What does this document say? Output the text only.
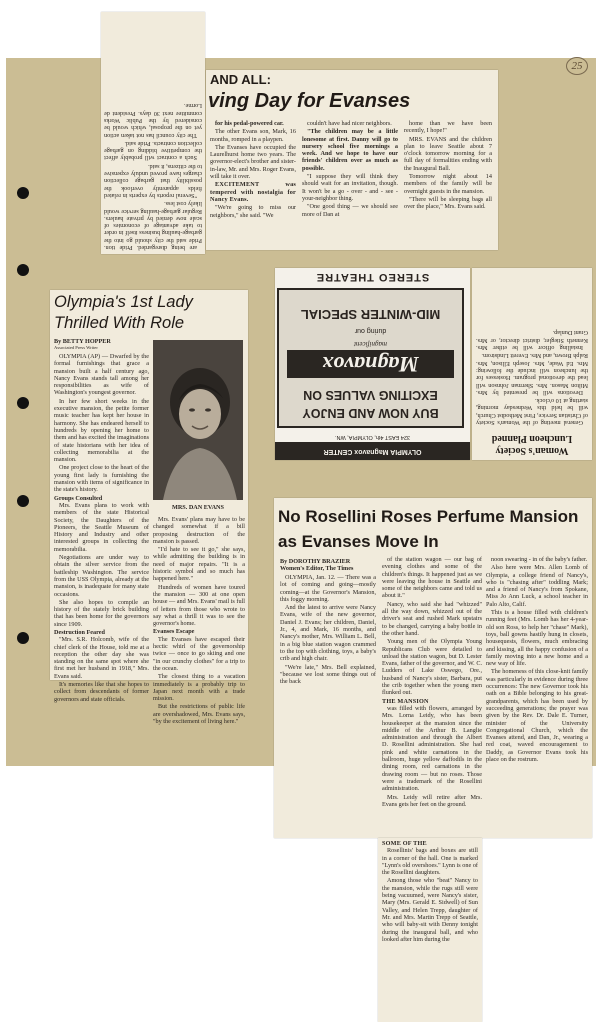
25

are being disregarded. Pride tion. Pride said the city should go into the garbage-hauling business itself in order to take advantage of economies of scale now denied by private haulers. Regular garbage-hauling service would likely cost less.

"Several reports by experts in related fields apparently overlook the possibility that garbage collection charges have proved unduly expensive to the citizens, it said.

Such a contract will probably affect the competitive bidding on garbage collection contracts. Pride said.

The city council has not taken action yet on the proposal, which would be considered by the Public Works committee next 30 days. President de Lorme.

AND ALL:
ving Day for Evanses

for his pedal-powered car.

The other Evans son, Mark, 16 months, romped in a playpen.

The Evanses have occupied the Laurelhurst home two years. The governor-elect's brother and sister-in-law, Mr. and Mrs. Roger Evans, will take it over.

EXCITEMENT was tempered with nostalgia for Nancy Evans.

"We're going to miss our neighbors," she said. "We

couldn't have had nicer neighbors.

"The children may be a little lonesome at first. Danny will go to nursery school five mornings a week. And we hope to have our friends' children over as much as possible.

"I suppose they will think they should wait for an invitation, though. It won't be a go - over - and - see - your-neighbor thing.

"One good thing — we should see more of Dan at

home than we have been recently, I hope!"

MRS. EVANS and the children plan to leave Seattle about 7 o'clock tomorrow morning for a full day of formalities ending with the Inaugural Ball.

Tomorrow night about 14 members of the family will be overnight guests in the mansion.

"There will be sleeping bags all over the place," Mrs. Evans said.

Olympia's 1st Lady Thrilled With Role
By BETTY HOPPER
Associated Press Writer

OLYMPIA (AP) — Dwarfed by the formal furnishings that grace a mansion built a half century ago, Nancy Evans stands tall among her responsibilities as wife of Washington's youngest governor.

In her few short weeks in the executive mansion, the petite former music teacher has kept her house in harmony. She has endeared herself to hundreds by opening her home to them and has excited the imaginations of state historians with her idea of collecting memorabilia at the mansion.

One project close to the heart of the young first lady is furnishing the mansion with items of significance in the state's history.

Groups Consulted

Mrs. Evans plans to work with members of the state Historical Society, the Daughters of the Pioneers, the Seattle Museum of History and Industry and other interested groups in collecting the memorabilia.

Negotiations are under way to obtain the silver service from the battleship Washington. The service from the USS Olympia, already at the mansion, is inadequate for many state occasions.

She also hopes to compile an history of the stately brick building that has been home for the governors since 1909.

Destruction Feared

"Mrs. S.R. Holcomb, wife of the chief clerk of the House, told me at a reception the other day she was standing on the same spot where she first met her husband in 1918," Mrs. Evans said.

It's memories like that she hopes to collect from descendants of former governors and state officials.

MRS. DAN EVANS

Mrs. Evans' plans may have to be changed somewhat if a bill proposing destruction of the mansion is passed.

"I'd hate to see it go," she says, while admitting the building is in need of major repairs. "It is a historic symbol and so much has happened here."

Hundreds of women have toured the mansion — 300 at one open house — and Mrs. Evans' mail is full of letters from those who wrote to say what a thrill it was to see the governor's home.

Evanses Escape

The Evanses have escaped their hectic whirl of the governorship twice — once to go skiing and one "in our crunchy clothes" for a trip to the ocean.

The closest thing to a vacation immediately is a probably trip to Japan next month with a trade mission.

But the restrictions of public life are overshadowed, Mrs. Evans says, "by the excitement of living here."

OLYMPIA Magnavox CENTER
324 EAST 4th, OLYMPIA, WN.
BUY NOW AND ENJOY
EXCITING VALUES ON
Magnavox
magnificent
during our
MID-WINTER SPECIAL
STEREO THEATRE
Woman's Society Luncheon Planned

General meeting of the Woman's Society of Christian Service, First Methodist Church, will be held this Wednesday morning, starting at 10 o'clock.

Devotions will be presented by Mrs. Milton Mason. Mrs. Sherman Johnson will lead the devotional program. Hostesses for the luncheon will include the following: Mrs. Ed Wade, Mrs. Joseph Ellison, Mrs. Ralph Brown, and Mrs. Everett Lindstrom.

Installing officer will be either Mrs. Kenneth Stiegler, district director, or Mrs. Grant Dunlap.

No Rosellini Roses Perfume Mansion as Evanses Move In
By DOROTHY BRAZIER
Women's Editor, The Times

OLYMPIA, Jan. 12. — There was a lot of coming and going—mostly coming—at the Governor's Mansion, this foggy morning.

And the latest to arrive were Nancy Evans, wife of the new governor, Daniel J. Evans; her children, Daniel, Jr., 4, and Mark, 16 months, and Nancy's mother, Mrs. William L. Bell, in a big blue station wagon crammed to the top with clothing, toys, a baby's crib and high chair.

"We're late," Mrs. Bell explained, "because we lost some things out of the back

of the station wagon — our bag of evening clothes and some of the children's things. It happened just as we were leaving the house in Seattle and some of the neighbors came and told us about it."

Nancy, who said she had "whizzed" all the way down, whizzed out of the driver's seat and rushed Mark upstairs to be changed, carrying a baby bottle in the other hand.

Young men of the Olympia Young Republicans Club were detailed to unload the station wagon, but D. Lester Evans, father of the governor, and W. C. Ludders of Lake Oswego, Ore., husband of Nancy's sister, Barbara, put the crib together when the young men flunked out.

THE MANSION

was filled with flowers, arranged by Mrs. Lorna Leidy, who has been housekeeper at the mansion since the middle of the Arthur B. Langlie administration and through the Albert D. Rosellini administration. She had pink and white carnations in the ballroom, huge yellow daffodils in the dining room, red carnations in the drawing room — but no roses. Those were a trademark of the Rosellini administration.

Mrs. Leidy will retire after Mrs. Evans gets her feet on the ground.

noon swearing - in of the baby's father.

Also here were Mrs. Allen Lomb of Olympia, a college friend of Nancy's, who is "chasing after" toddling Mark; and a friend of Nancy's from Spokane, Miss Jo Ann Luck, a school teacher in Palo Alto, Calif.

This is a house filled with children's running feet (Mrs. Lomb has her 4-year-old son Ross, to help her "chase" Mark), toys, ball gowns hastily hung in closets, housequests, flowers, much embracing and kissing, all the happy confusion of a family moving into a new home and a new way of life.

The homeness of this close-knit family was particularly in evidence during three occurrences: The new Governor took his oath on a Bible belonging to his great-grandparents, which has been used by succeeding generations; the prayer was given by the Rev. Dr. Dale E. Turner, minister of the University Congregational Church, which the Evanses attend, and Dan, Jr., wearing a red coat, waved encouragement to Daddy, as Governor Evans took his place on the rostrum.

SOME OF THE

Rosellinis' bags and boxes are still in a corner of the hall. One is marked "Lynn's old overshoes." Lynn is one of the Rosellini daughters.

Among those who "beat" Nancy to the mansion, while the rugs still were being vacuumed, were Nancy's sister, Mary (Mrs. Gerald E. Sidwell) of Sun Valley, and Helen Trepp, daughter of Mr. and Mrs. Martin Trepp of Seattle, who will baby-sit with Denny tonight during the inaugural ball, and who looked after him during the
